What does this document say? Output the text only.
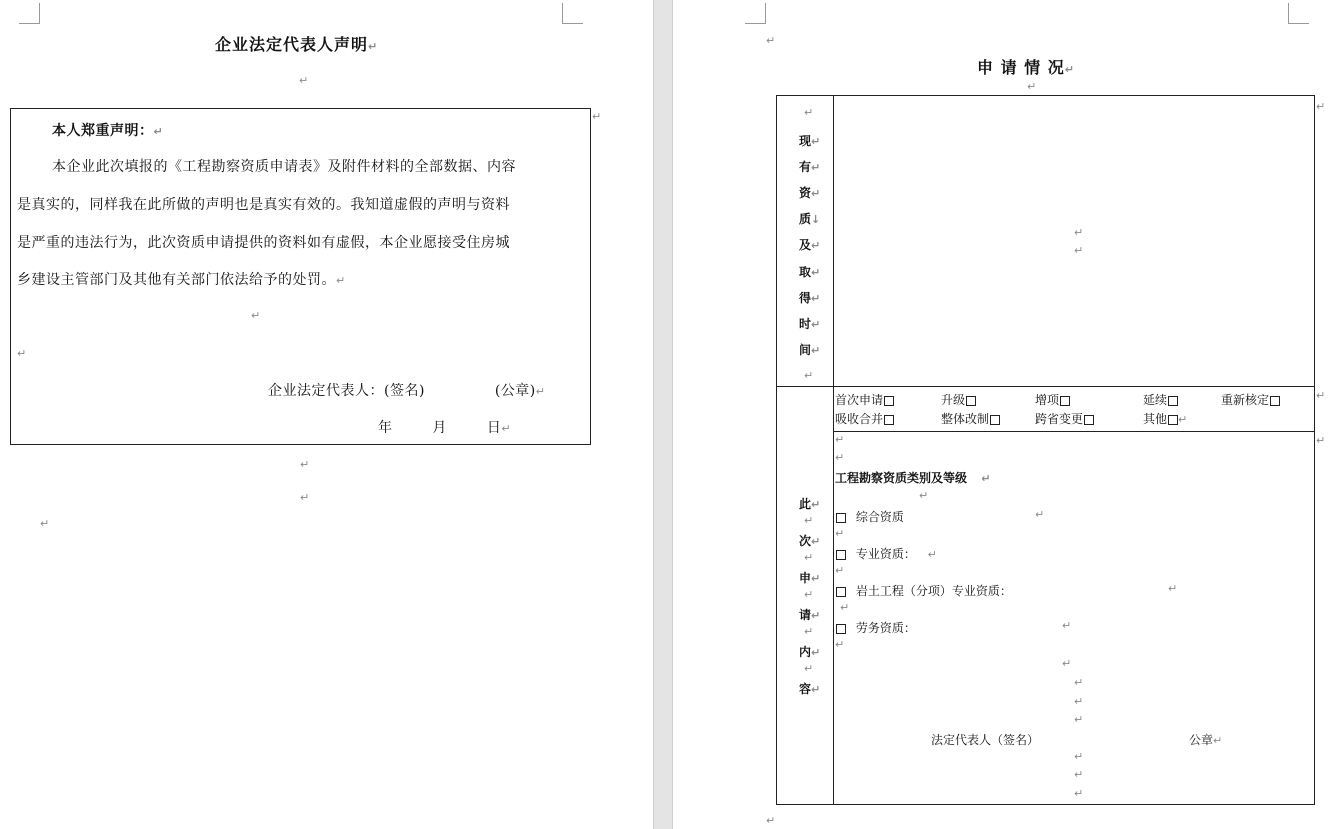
企业法定代表人声明↵
↵
本人郑重声明：↵
本企业此次填报的《工程勘察资质申请表》及附件材料的全部数据、内容
是真实的，同样我在此所做的声明也是真实有效的。我知道虚假的声明与资料
是严重的违法行为，此次资质申请提供的资料如有虚假，本企业愿接受住房城
乡建设主管部门及其他有关部门依法给予的处罚。↵
↵
↵
企业法定代表人：(签名)	(公章)↵
年	月	日↵
↵
↵
↵
↵
↵
申 请 情 况↵
↵
↵
↵
↵
↵
现↵
有↵
资↵
质↓
及↵
取↵
得↵
时↵
间↵
↵
↵
↵
首次申请	升级	增项	延续	重新核定
吸收合并	整体改制	跨省变更	其他 ↵
此↵
↵
次↵
↵
申↵
↵
请↵
↵
内↵
↵
容↵
↵
↵
工程勘察资质类别及等级 ↵
↵
综合资质	↵
↵
专业资质： ↵
↵
岩土工程（分项）专业资质：	↵
↵
劳务资质：	↵
↵
↵
↵
↵
↵
法定代表人（签名）	公章↵
↵
↵
↵
↵
